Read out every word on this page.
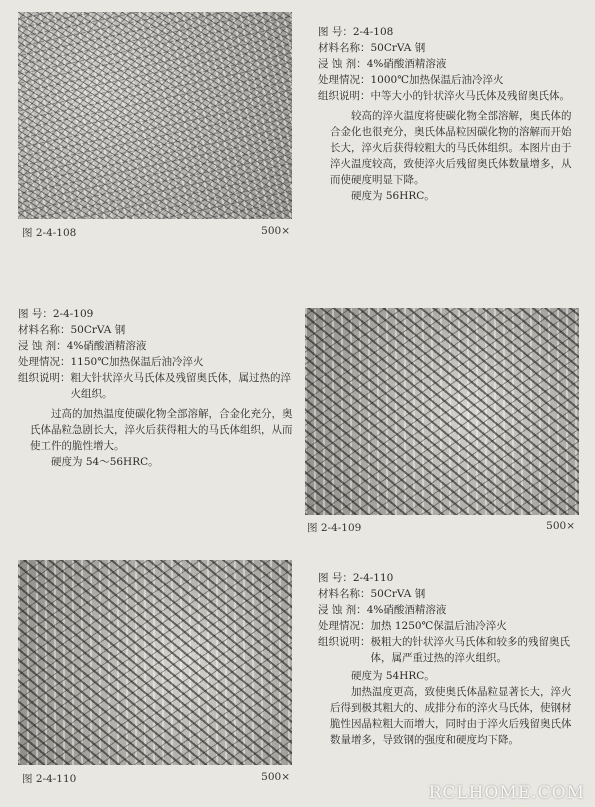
图 2-4-108	500×
图 号：2-4-108
材料名称：50CrVA 钢
浸 蚀 剂：4%硝酸酒精溶液
处理情况：1000℃加热保温后油冷淬火
组织说明： 中等大小的针状淬火马氏体及残留奥氏体。

较高的淬火温度将使碳化物全部溶解，奥氏体的合金化也很充分，奥氏体晶粒因碳化物的溶解而开始长大，淬火后获得较粗大的马氏体组织。本图片由于淬火温度较高，致使淬火后残留奥氏体数量增多，从而使硬度明显下降。

硬度为 56HRC。

图 号：2-4-109
材料名称：50CrVA 钢
浸 蚀 剂：4%硝酸酒精溶液
处理情况：1150℃加热保温后油冷淬火
组织说明： 粗大针状淬火马氏体及残留奥氏体，属过热的淬火组织。

过高的加热温度使碳化物全部溶解，合金化充分，奥氏体晶粒急剧长大，淬火后获得粗大的马氏体组织，从而使工件的脆性增大。

硬度为 54～56HRC。

图 2-4-109	500×
图 2-4-110	500×
图 号：2-4-110
材料名称：50CrVA 钢
浸 蚀 剂：4%硝酸酒精溶液
处理情况：加热 1250℃保温后油冷淬火
组织说明： 极粗大的针状淬火马氏体和较多的残留奥氏体，属严重过热的淬火组织。

硬度为 54HRC。

加热温度更高，致使奥氏体晶粒显著长大，淬火后得到极其粗大的、成排分布的淬火马氏体，使钢材脆性因晶粒粗大而增大，同时由于淬火后残留奥氏体数量增多，导致钢的强度和硬度均下降。

RCLHOME.COM
